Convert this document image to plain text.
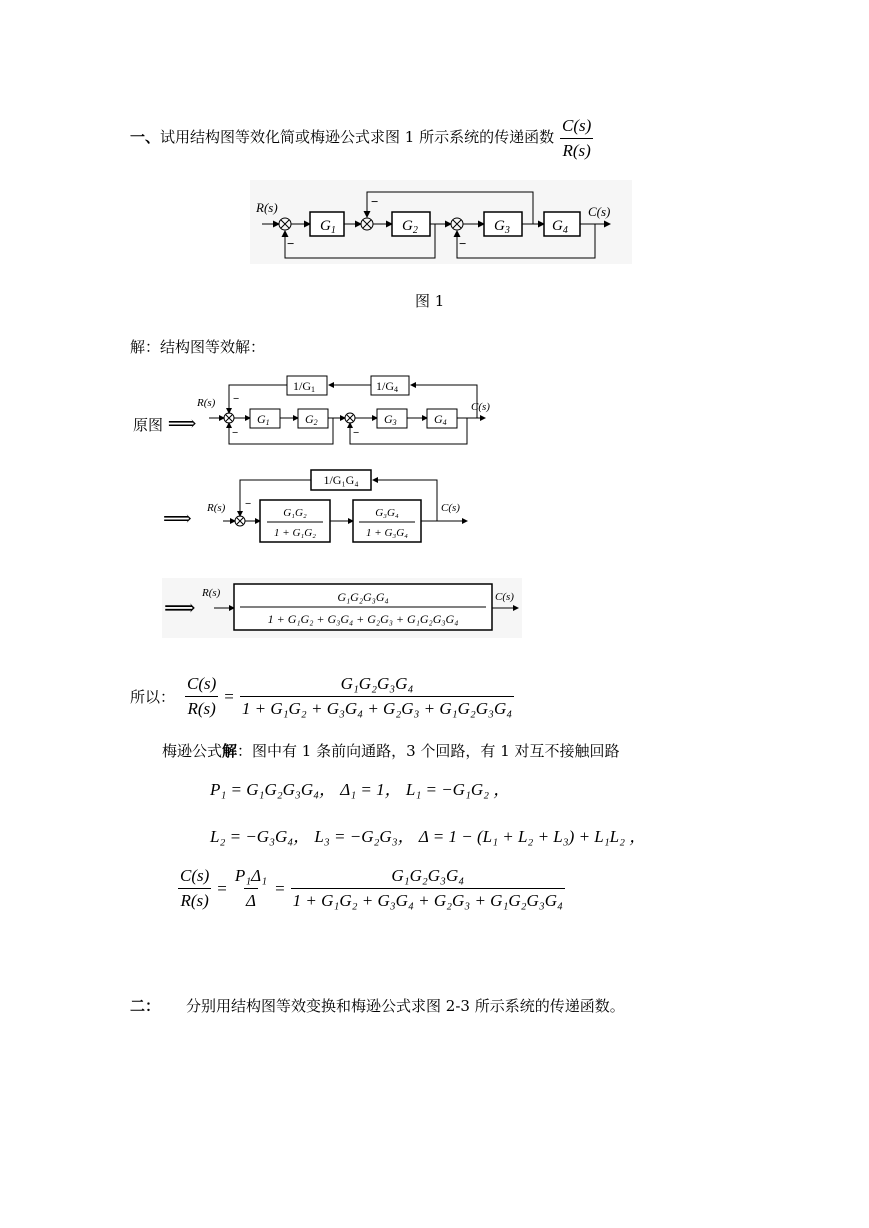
一、试用结构图等效化简或梅逊公式求图 1 所示系统的传递函数 $\frac{C(s)}{R(s)}$
R(s)
$G_1$	$G_2$	$G_3$	$G_4$
C(s)
−
−
−
图 1
解：结构图等效解：
原图 ⟹
R(s)
G1	G2	G3	G4
C(s)
1/G4
1/G1
−
−	−
⟹ R(s)	G₁G₂
1 + G₁G₂
G₃G₄
1 + G₃G₄
C(s)
1/G₁G₄
−
⟹
R(s)	G₁G₂G₃G₄
1 + G₁G₂ + G₃G₄ + G₂G₃ + G₁G₂G₃G₄
C(s)
所以： $\frac{C(s)}{R(s)} = \frac{\text{G₁G₂G₃G₄}}{\text{1 + G₁G₂ + G₃G₄ + G₂G₃ + G₁G₂G₃G₄}}$
梅逊公式解：图中有 1 条前向通路，3 个回路，有 1 对互不接触回路
P₁ = G₁G₂G₃G₄， Δ₁ = 1， L₁ = −G₁G₂ ，
L₂ = −G₃G₄， L₃ = −G₂G₃， Δ = 1 − (L₁ + L₂ + L₃) + L₁L₂ ，
$\frac{C(s)}{R(s)} = \frac{\text{P₁Δ₁}}{\Delta} = \frac{\text{G₁G₂G₃G₄}}{\text{1 + G₁G₂ + G₃G₄ + G₂G₃ + G₁G₂G₃G₄}}$
二： 分别用结构图等效变换和梅逊公式求图 2-3 所示系统的传递函数。
